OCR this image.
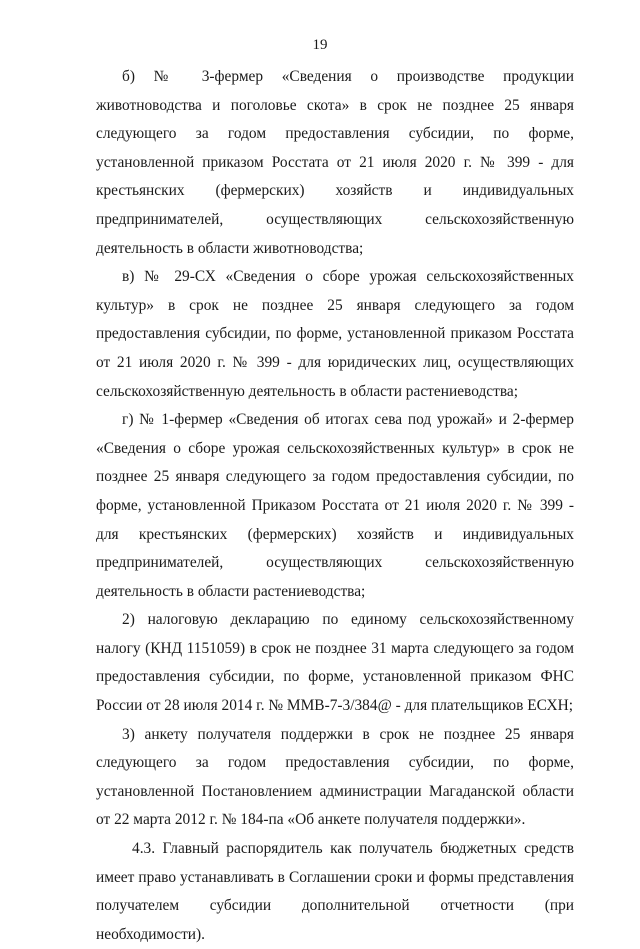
19

б) № 3-фермер «Сведения о производстве продукции животноводства и поголовье скота» в срок не позднее 25 января следующего за годом предоставления субсидии, по форме, установленной приказом Росстата от 21 июля 2020 г. № 399 - для крестьянских (фермерских) хозяйств и индивидуальных предпринимателей, осуществляющих сельскохозяйственную деятельность в области животноводства;

в) № 29-СХ «Сведения о сборе урожая сельскохозяйственных культур» в срок не позднее 25 января следующего за годом предоставления субсидии, по форме, установленной приказом Росстата от 21 июля 2020 г. № 399 - для юридических лиц, осуществляющих сельскохозяйственную деятельность в области растениеводства;

г) № 1-фермер «Сведения об итогах сева под урожай» и 2-фермер «Сведения о сборе урожая сельскохозяйственных культур» в срок не позднее 25 января следующего за годом предоставления субсидии, по форме, установленной Приказом Росстата от 21 июля 2020 г. № 399 - для крестьянских (фермерских) хозяйств и индивидуальных предпринимателей, осуществляющих сельскохозяйственную деятельность в области растениеводства;

2) налоговую декларацию по единому сельскохозяйственному налогу (КНД 1151059) в срок не позднее 31 марта следующего за годом предоставления субсидии, по форме, установленной приказом ФНС России от 28 июля 2014 г. № ММВ-7-3/384@ - для плательщиков ЕСХН;

3) анкету получателя поддержки в срок не позднее 25 января следующего за годом предоставления субсидии, по форме, установленной Постановлением администрации Магаданской области от 22 марта 2012 г. № 184-па «Об анкете получателя поддержки».

4.3. Главный распорядитель как получатель бюджетных средств имеет право устанавливать в Соглашении сроки и формы представления получателем субсидии дополнительной отчетности (при необходимости).
